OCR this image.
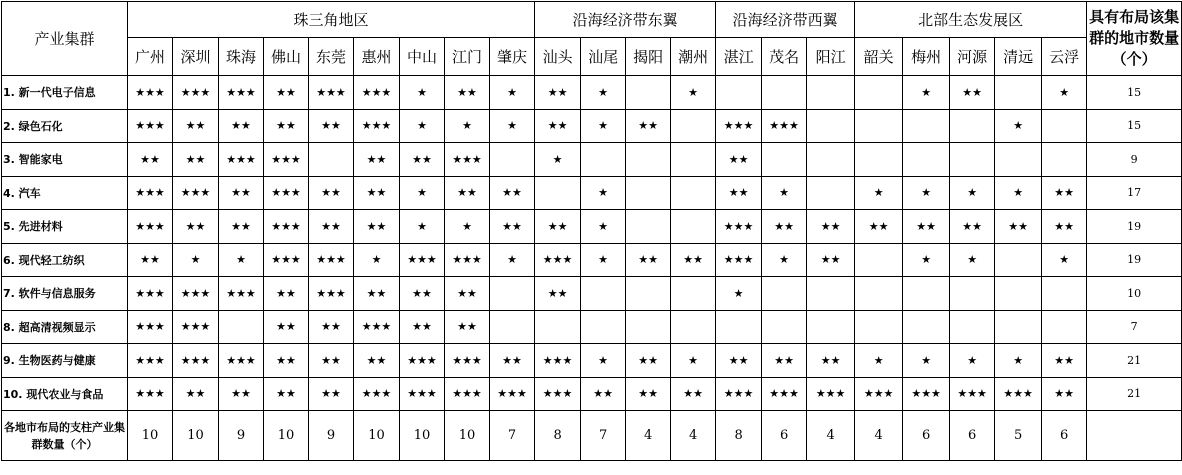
产业集群	珠三角地区									沿海经济带东翼				沿海经济带西翼			北部生态发展区					具有布局该集群的地市数量（个）
	广州	深圳	珠海	佛山	东莞	惠州	中山	江门	肇庆	汕头	汕尾	揭阳	潮州	湛江	茂名	阳江	韶关	梅州	河源	清远	云浮	
1. 新一代电子信息	★★★	★★★	★★★	★★	★★★	★★★	★	★★	★	★★	★		★					★	★★		★	15
2. 绿色石化	★★★	★★	★★	★★	★★	★★★	★	★	★	★★	★	★★		★★★	★★★					★		15
3. 智能家电	★★	★★	★★★	★★★		★★	★★	★★★		★				★★								9
4. 汽车	★★★	★★★	★★	★★★	★★	★★	★	★★	★★		★			★★	★		★	★	★	★	★★	17
5. 先进材料	★★★	★★	★★	★★★	★★	★★	★	★	★★	★★	★			★★★	★★	★★	★★	★★	★★	★★	★★	19
6. 现代轻工纺织	★★	★	★	★★★	★★★	★	★★★	★★★	★	★★★	★	★★	★★	★★★	★	★★		★	★		★	19
7. 软件与信息服务	★★★	★★★	★★★	★★	★★★	★★	★★	★★		★★				★								10
8. 超高清视频显示	★★★	★★★		★★	★★	★★★	★★	★★														7
9. 生物医药与健康	★★★	★★★	★★★	★★	★★	★★	★★★	★★★	★★	★★★	★	★★	★	★★	★★	★★	★	★	★	★	★★	21
10. 现代农业与食品	★★★	★★	★★	★★	★★	★★★	★★★	★★★	★★★	★★★	★★	★★	★★	★★★	★★★	★★★	★★★	★★★	★★★	★★★	★★	21
各地市布局的支柱产业集群数量（个）	10	10	9	10	9	10	10	10	7	8	7	4	4	8	6	4	4	6	6	5	6	
